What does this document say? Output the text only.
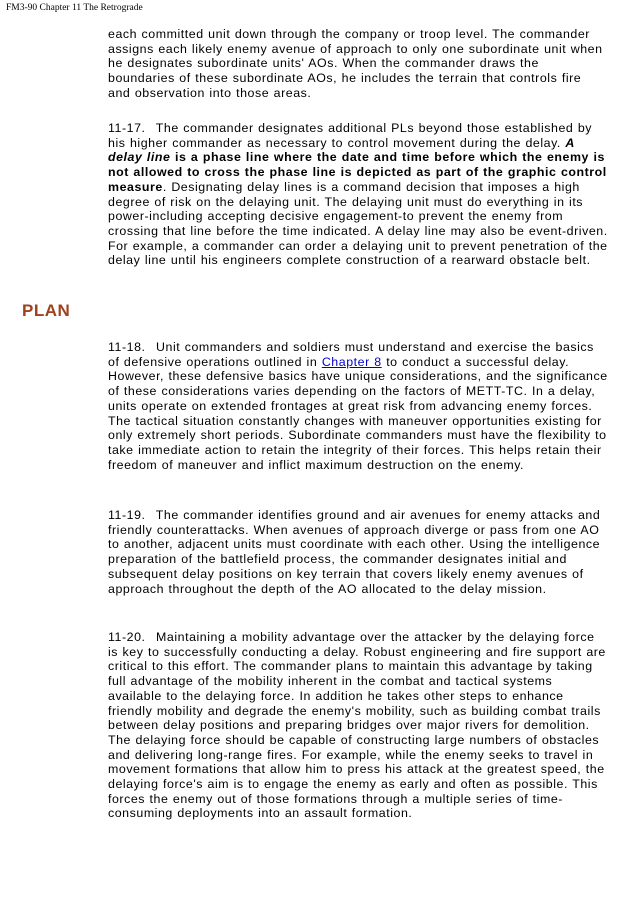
FM3-90 Chapter 11 The Retrograde

each committed unit down through the company or troop level. The commander assigns each likely enemy avenue of approach to only one subordinate unit when he designates subordinate units' AOs. When the commander draws the boundaries of these subordinate AOs, he includes the terrain that controls fire and observation into those areas.

11-17. The commander designates additional PLs beyond those established by his higher commander as necessary to control movement during the delay. A delay line is a phase line where the date and time before which the enemy is not allowed to cross the phase line is depicted as part of the graphic control measure. Designating delay lines is a command decision that imposes a high degree of risk on the delaying unit. The delaying unit must do everything in its power-including accepting decisive engagement-to prevent the enemy from crossing that line before the time indicated. A delay line may also be event-driven. For example, a commander can order a delaying unit to prevent penetration of the delay line until his engineers complete construction of a rearward obstacle belt.

PLAN

11-18. Unit commanders and soldiers must understand and exercise the basics of defensive operations outlined in Chapter 8 to conduct a successful delay. However, these defensive basics have unique considerations, and the significance of these considerations varies depending on the factors of METT-TC. In a delay, units operate on extended frontages at great risk from advancing enemy forces. The tactical situation constantly changes with maneuver opportunities existing for only extremely short periods. Subordinate commanders must have the flexibility to take immediate action to retain the integrity of their forces. This helps retain their freedom of maneuver and inflict maximum destruction on the enemy.

11-19. The commander identifies ground and air avenues for enemy attacks and friendly counterattacks. When avenues of approach diverge or pass from one AO to another, adjacent units must coordinate with each other. Using the intelligence preparation of the battlefield process, the commander designates initial and subsequent delay positions on key terrain that covers likely enemy avenues of approach throughout the depth of the AO allocated to the delay mission.

11-20. Maintaining a mobility advantage over the attacker by the delaying force is key to successfully conducting a delay. Robust engineering and fire support are critical to this effort. The commander plans to maintain this advantage by taking full advantage of the mobility inherent in the combat and tactical systems available to the delaying force. In addition he takes other steps to enhance friendly mobility and degrade the enemy's mobility, such as building combat trails between delay positions and preparing bridges over major rivers for demolition. The delaying force should be capable of constructing large numbers of obstacles and delivering long-range fires. For example, while the enemy seeks to travel in movement formations that allow him to press his attack at the greatest speed, the delaying force's aim is to engage the enemy as early and often as possible. This forces the enemy out of those formations through a multiple series of time-consuming deployments into an assault formation.
